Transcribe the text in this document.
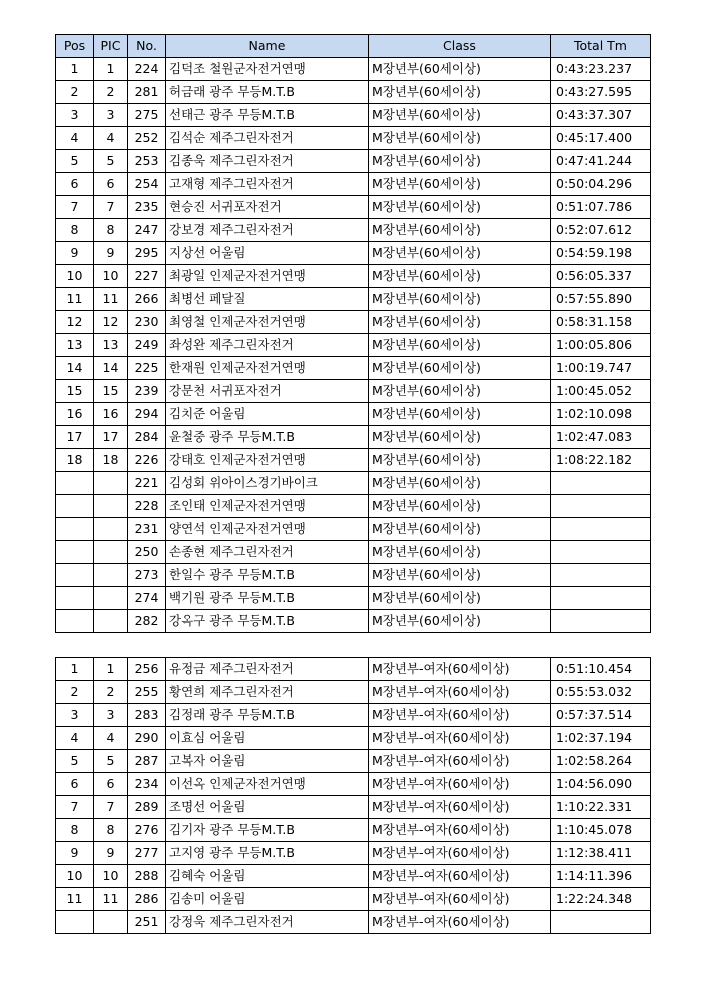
Pos	PIC	No.	Name	Class	Total Tm
1	1	224	김덕조 철원군자전거연맹	M장년부(60세이상)	0:43:23.237
2	2	281	허금래 광주 무등M.T.B	M장년부(60세이상)	0:43:27.595
3	3	275	선태근 광주 무등M.T.B	M장년부(60세이상)	0:43:37.307
4	4	252	김석순 제주그린자전거	M장년부(60세이상)	0:45:17.400
5	5	253	김종욱 제주그린자전거	M장년부(60세이상)	0:47:41.244
6	6	254	고재형 제주그린자전거	M장년부(60세이상)	0:50:04.296
7	7	235	현승진 서귀포자전거	M장년부(60세이상)	0:51:07.786
8	8	247	강보경 제주그린자전거	M장년부(60세이상)	0:52:07.612
9	9	295	지상선 어울림	M장년부(60세이상)	0:54:59.198
10	10	227	최광일 인제군자전거연맹	M장년부(60세이상)	0:56:05.337
11	11	266	최병선 페달질	M장년부(60세이상)	0:57:55.890
12	12	230	최영철 인제군자전거연맹	M장년부(60세이상)	0:58:31.158
13	13	249	좌성완 제주그린자전거	M장년부(60세이상)	1:00:05.806
14	14	225	한재원 인제군자전거연맹	M장년부(60세이상)	1:00:19.747
15	15	239	강문천 서귀포자전거	M장년부(60세이상)	1:00:45.052
16	16	294	김치준 어울림	M장년부(60세이상)	1:02:10.098
17	17	284	윤철중 광주 무등M.T.B	M장년부(60세이상)	1:02:47.083
18	18	226	강태호 인제군자전거연맹	M장년부(60세이상)	1:08:22.182
		221	김성회 위아이스경기바이크	M장년부(60세이상)	
		228	조인태 인제군자전거연맹	M장년부(60세이상)	
		231	양연석 인제군자전거연맹	M장년부(60세이상)	
		250	손종현 제주그린자전거	M장년부(60세이상)	
		273	한일수 광주 무등M.T.B	M장년부(60세이상)	
		274	백기원 광주 무등M.T.B	M장년부(60세이상)	
		282	강옥구 광주 무등M.T.B	M장년부(60세이상)	
1	1	256	유정금 제주그린자전거	M장년부-여자(60세이상)	0:51:10.454
2	2	255	황연희 제주그린자전거	M장년부-여자(60세이상)	0:55:53.032
3	3	283	김정래 광주 무등M.T.B	M장년부-여자(60세이상)	0:57:37.514
4	4	290	이효심 어울림	M장년부-여자(60세이상)	1:02:37.194
5	5	287	고복자 어울림	M장년부-여자(60세이상)	1:02:58.264
6	6	234	이선옥 인제군자전거연맹	M장년부-여자(60세이상)	1:04:56.090
7	7	289	조명선 어울림	M장년부-여자(60세이상)	1:10:22.331
8	8	276	김기자 광주 무등M.T.B	M장년부-여자(60세이상)	1:10:45.078
9	9	277	고지영 광주 무등M.T.B	M장년부-여자(60세이상)	1:12:38.411
10	10	288	김혜숙 어울림	M장년부-여자(60세이상)	1:14:11.396
11	11	286	김송미 어울림	M장년부-여자(60세이상)	1:22:24.348
		251	강정욱 제주그린자전거	M장년부-여자(60세이상)	
